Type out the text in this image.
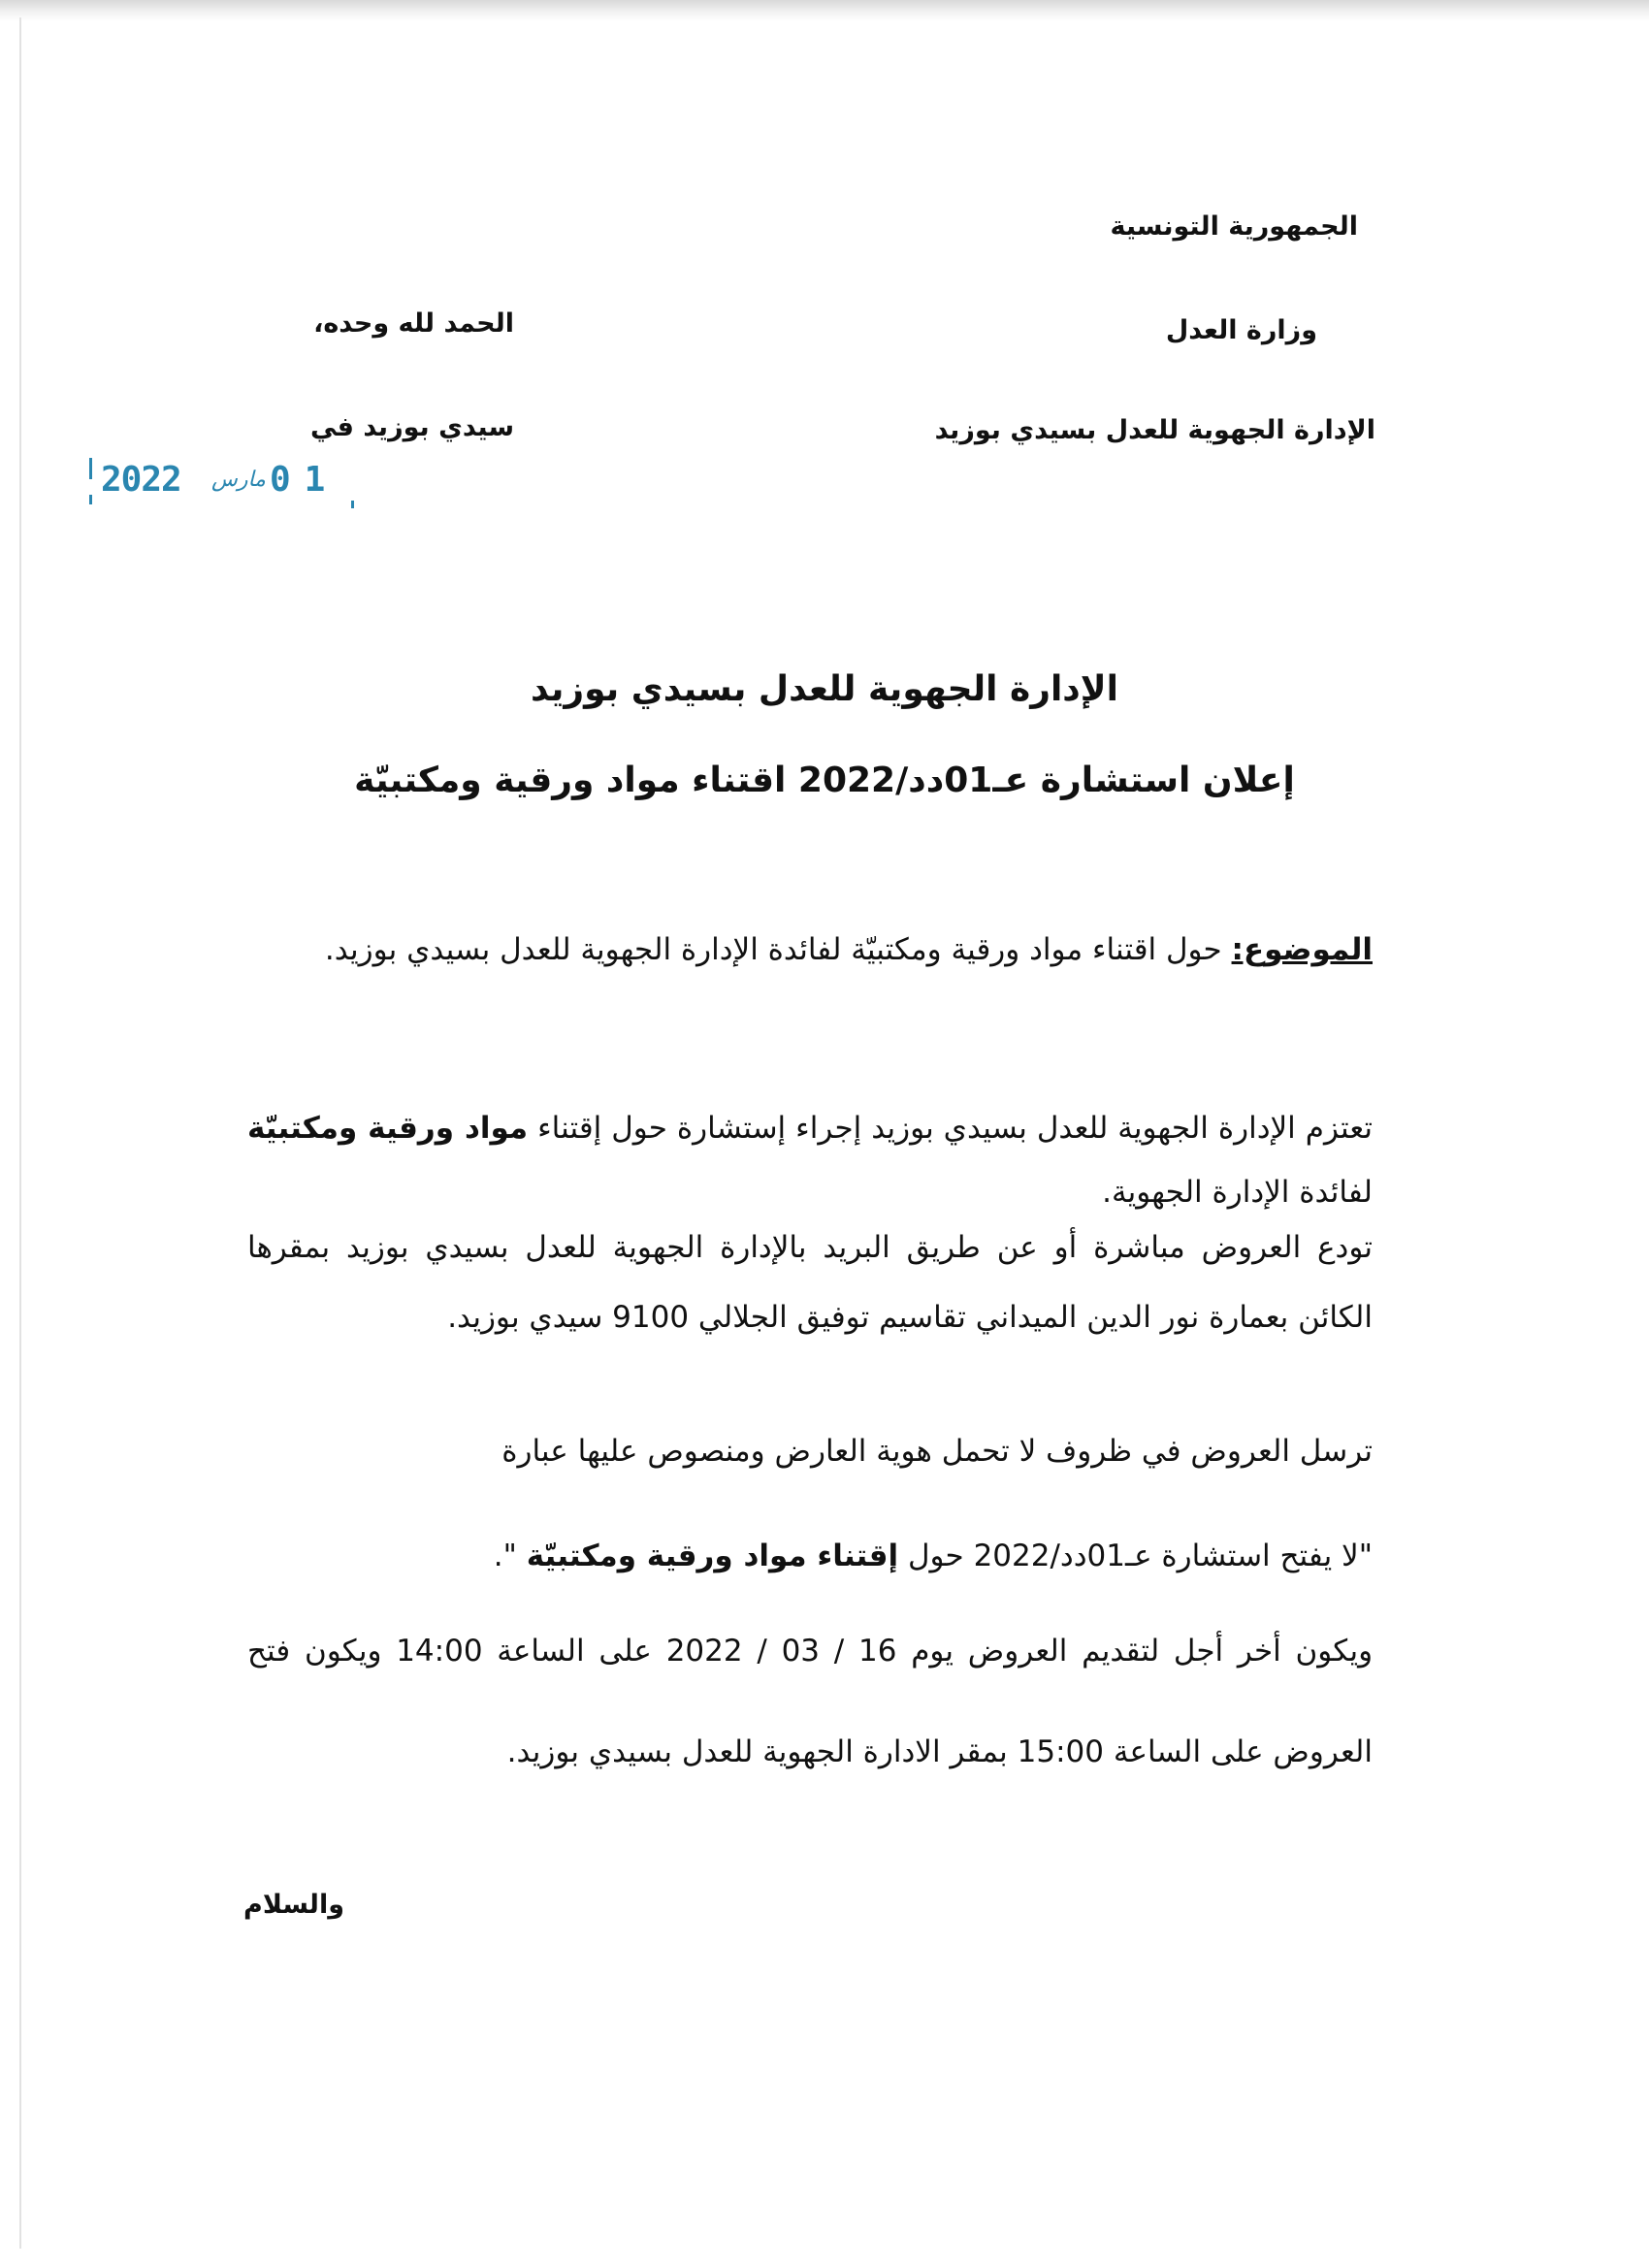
الجمهورية التونسية
وزارة العدل
الإدارة الجهوية للعدل بسيدي بوزيد
الحمد لله وحده،
سيدي بوزيد في
2022 مارس 01
الإدارة الجهوية للعدل بسيدي بوزيد
إعلان استشارة عـ01دد/2022 اقتناء مواد ورقية ومكتبيّة
الموضوع: حول اقتناء مواد ورقية ومكتبيّة لفائدة الإدارة الجهوية للعدل بسيدي بوزيد.
تعتزم الإدارة الجهوية للعدل بسيدي بوزيد إجراء إستشارة حول إقتناء مواد ورقية ومكتبيّة لفائدة الإدارة الجهوية.
تودع العروض مباشرة أو عن طريق البريد بالإدارة الجهوية للعدل بسيدي بوزيد بمقرها الكائن بعمارة نور الدين الميداني تقاسيم توفيق الجلالي 9100 سيدي بوزيد.
ترسل العروض في ظروف لا تحمل هوية العارض ومنصوص عليها عبارة
"لا يفتح استشارة عـ01دد/2022 حول إقتناء مواد ورقية ومكتبيّة ".
ويكون أخر أجل لتقديم العروض يوم 16 / 03 / 2022 على الساعة 14:00 ويكون فتح العروض على الساعة 15:00 بمقر الادارة الجهوية للعدل بسيدي بوزيد.
والسلام
